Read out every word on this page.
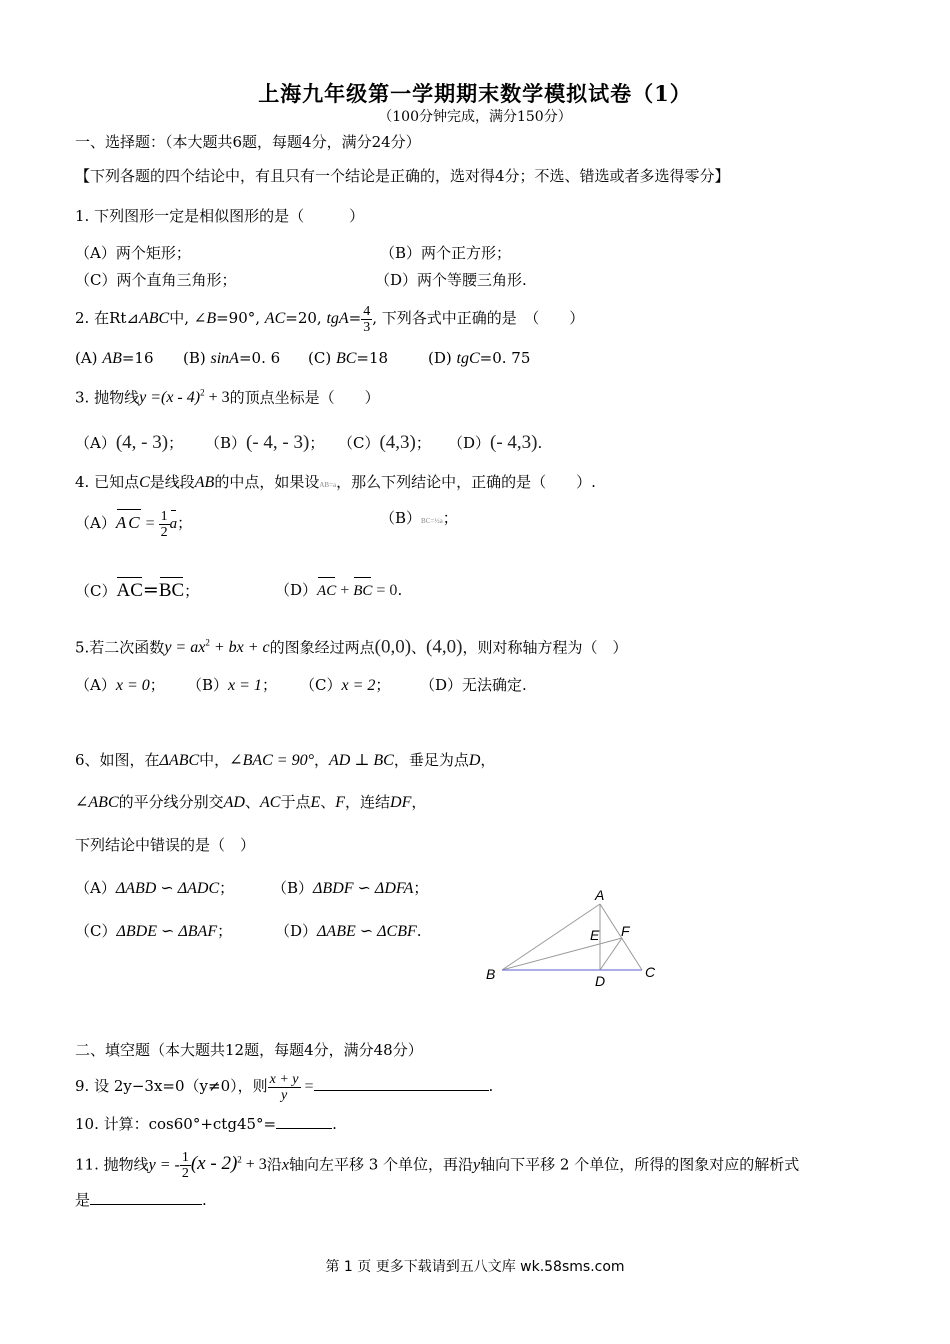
上海九年级第一学期期末数学模拟试卷（1）
（100分钟完成，满分150分）
一、选择题：（本大题共6题，每题4分，满分24分）
【下列各题的四个结论中，有且只有一个结论是正确的，选对得4分；不选、错选或者多选得零分】
1. 下列图形一定是相似图形的是（　　　）
（A）两个矩形；	（B）两个正方形；
（C）两个直角三角形；	（D）两个等腰三角形.
2. 在Rt⊿ABC中, ∠B=90°, AC=20, $tgA= \frac{4}{3}$ , 下列各式中正确的是　（　　）
(A) AB=16 (B) sinA=0. 6 (C) BC=18	(D) tgC=0. 75
3. 抛物线y =(x - 4)$^2$ + 3的顶点坐标是（　　）
（A）(4, - 3)； （B）(- 4, - 3)； （C）(4,3)； （D）(- 4,3).
4. 已知点C是线段AB的中点，如果设AB=a，那么下列结论中，正确的是（　　）.
$(A)AC = \frac{1}{2}$ a；	（B）BC=½a；
（C）AC=BC；	（D）AC + BC = 0.
5.若二次函数$y = ax^2$ + bx + c的图象经过两点(0,0)、(4,0)，则对称轴方程为（　）
（A）x = 0； （B）x = 1； （C）x = 2； （D）无法确定.
6、如图，在ΔABC中，∠BAC = 90°，AD ⊥ BC，垂足为点D，
∠ABC的平分线分别交AD、AC于点E、F，连结DF，
下列结论中错误的是（　）
（A）ΔABD ∽ ΔADC；	（B）ΔBDF ∽ ΔDFA；
（C）ΔBDE ∽ ΔBAF；	（D）ΔABE ∽ ΔCBF.
A
B	C
D
E F
二、填空题（本大题共12题，每题4分，满分48分）
9. 设 2y−3x=0（y≠0），则 $\frac{x + y}{y}$ =	.
10. 计算：cos60°+ctg45°=	.
11. 抛物线y = - $\frac{1}{2} (x - 2)^2 + 3$沿x轴向左平移 3 个单位，再沿y轴向下平移 2 个单位，所得的图象对应的解析式
是	.
第 1 页 更多下载请到五八文库 wk.58sms.com
